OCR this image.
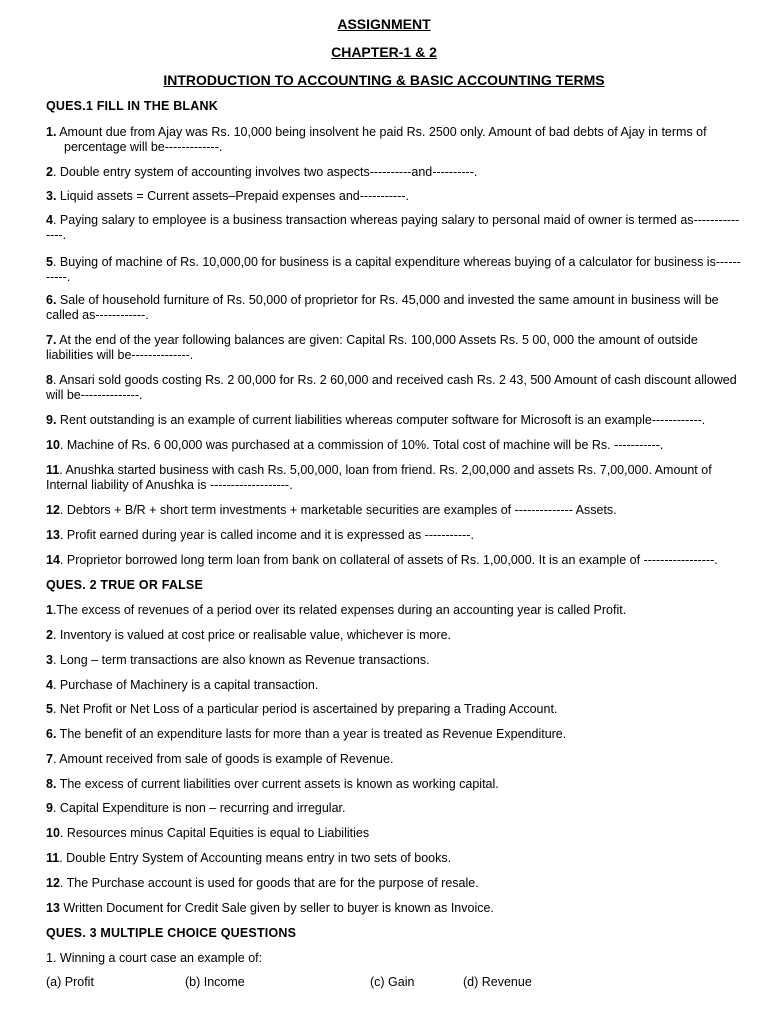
ASSIGNMENT
CHAPTER-1 & 2
INTRODUCTION TO ACCOUNTING & BASIC ACCOUNTING TERMS
QUES.1 FILL IN THE BLANK
1. Amount due from Ajay was Rs. 10,000 being insolvent he paid Rs. 2500 only. Amount of bad debts of Ajay in terms of percentage will be-------------.
2. Double entry system of accounting involves two aspects----------and----------.
3. Liquid assets = Current assets–Prepaid expenses and-----------.
4. Paying salary to employee is a business transaction whereas paying salary to personal maid of owner is termed as---------------.
5. Buying of machine of Rs. 10,000,00 for business is a capital expenditure whereas buying of a calculator for business is-----------.
6. Sale of household furniture of Rs. 50,000 of proprietor for Rs. 45,000 and invested the same amount in business will be called as------------.
7. At the end of the year following balances are given: Capital Rs. 100,000 Assets Rs. 5 00, 000 the amount of outside liabilities will be--------------.
8. Ansari sold goods costing Rs. 2 00,000 for Rs. 2 60,000 and received cash Rs. 2 43, 500 Amount of cash discount allowed will be--------------.
9. Rent outstanding is an example of current liabilities whereas computer software for Microsoft is an example------------.
10. Machine of Rs. 6 00,000 was purchased at a commission of 10%. Total cost of machine will be Rs. -----------.
11. Anushka started business with cash Rs. 5,00,000, loan from friend. Rs. 2,00,000 and assets Rs. 7,00,000. Amount of Internal liability of Anushka is -------------------.
12. Debtors + B/R + short term investments + marketable securities are examples of -------------- Assets.
13. Profit earned during year is called income and it is expressed as -----------.
14. Proprietor borrowed long term loan from bank on collateral of assets of Rs. 1,00,000. It is an example of -----------------.
QUES. 2 TRUE OR FALSE
1.The excess of revenues of a period over its related expenses during an accounting year is called Profit.
2. Inventory is valued at cost price or realisable value, whichever is more.
3. Long – term transactions are also known as Revenue transactions.
4. Purchase of Machinery is a capital transaction.
5. Net Profit or Net Loss of a particular period is ascertained by preparing a Trading Account.
6. The benefit of an expenditure lasts for more than a year is treated as Revenue Expenditure.
7. Amount received from sale of goods is example of Revenue.
8. The excess of current liabilities over current assets is known as working capital.
9. Capital Expenditure is non – recurring and irregular.
10. Resources minus Capital Equities is equal to Liabilities
11. Double Entry System of Accounting means entry in two sets of books.
12. The Purchase account is used for goods that are for the purpose of resale.
13 Written Document for Credit Sale given by seller to buyer is known as Invoice.
QUES. 3 MULTIPLE CHOICE QUESTIONS
1. Winning a court case an example of:
(a) Profit	(b) Income	(c) Gain	(d) Revenue
